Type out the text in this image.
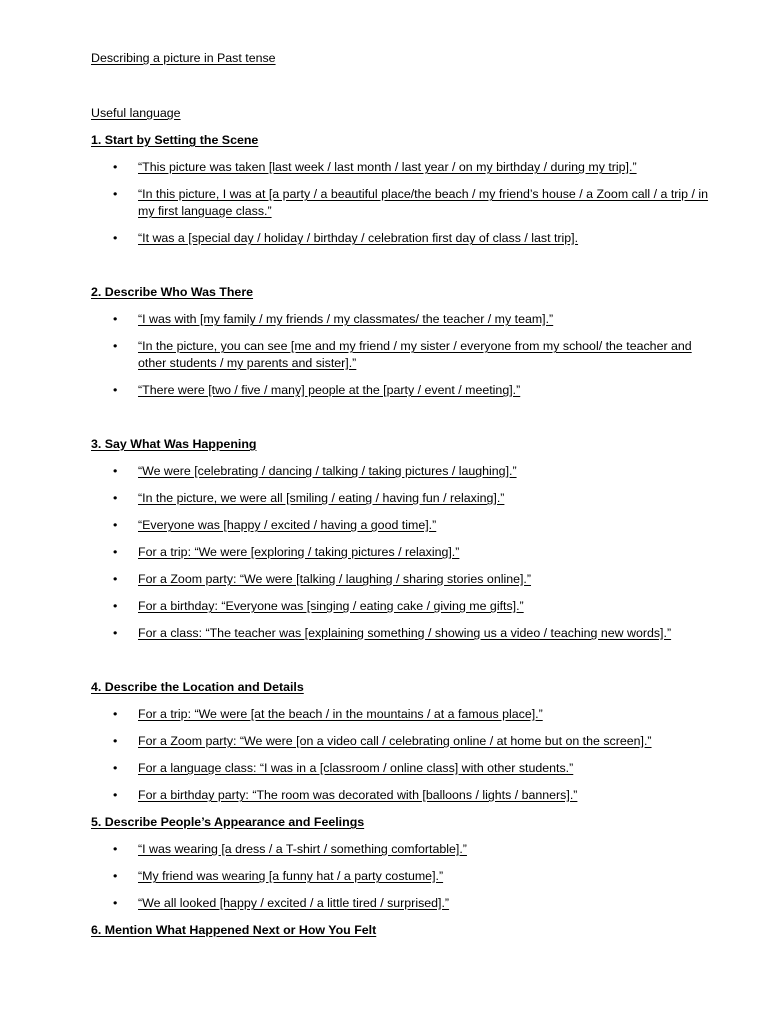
Describing a picture in Past tense
Useful language
1. Start by Setting the Scene
• “This picture was taken [last week / last month / last year / on my birthday / during my trip].”
• “In this picture, I was at [a party / a beautiful place/the beach / my friend’s house / a Zoom call / a trip / in my first language class.”
• “It was a [special day / holiday / birthday / celebration first day of class / last trip].
2. Describe Who Was There
• “I was with [my family / my friends / my classmates/ the teacher / my team].”
• “In the picture, you can see [me and my friend / my sister / everyone from my school/ the teacher and other students / my parents and sister].”
• “There were [two / five / many] people at the [party / event / meeting].”
3. Say What Was Happening
• “We were [celebrating / dancing / talking / taking pictures / laughing].”
• “In the picture, we were all [smiling / eating / having fun / relaxing].”
• “Everyone was [happy / excited / having a good time].”
• For a trip: “We were [exploring / taking pictures / relaxing].”
• For a Zoom party: “We were [talking / laughing / sharing stories online].”
• For a birthday: “Everyone was [singing / eating cake / giving me gifts].”
• For a class: “The teacher was [explaining something / showing us a video / teaching new words].”
4. Describe the Location and Details
• For a trip: “We were [at the beach / in the mountains / at a famous place].”
• For a Zoom party: “We were [on a video call / celebrating online / at home but on the screen].”
• For a language class: “I was in a [classroom / online class] with other students.”
• For a birthday party: “The room was decorated with [balloons / lights / banners].”
5. Describe People’s Appearance and Feelings
• “I was wearing [a dress / a T-shirt / something comfortable].”
• “My friend was wearing [a funny hat / a party costume].”
• “We all looked [happy / excited / a little tired / surprised].”
6. Mention What Happened Next or How You Felt
